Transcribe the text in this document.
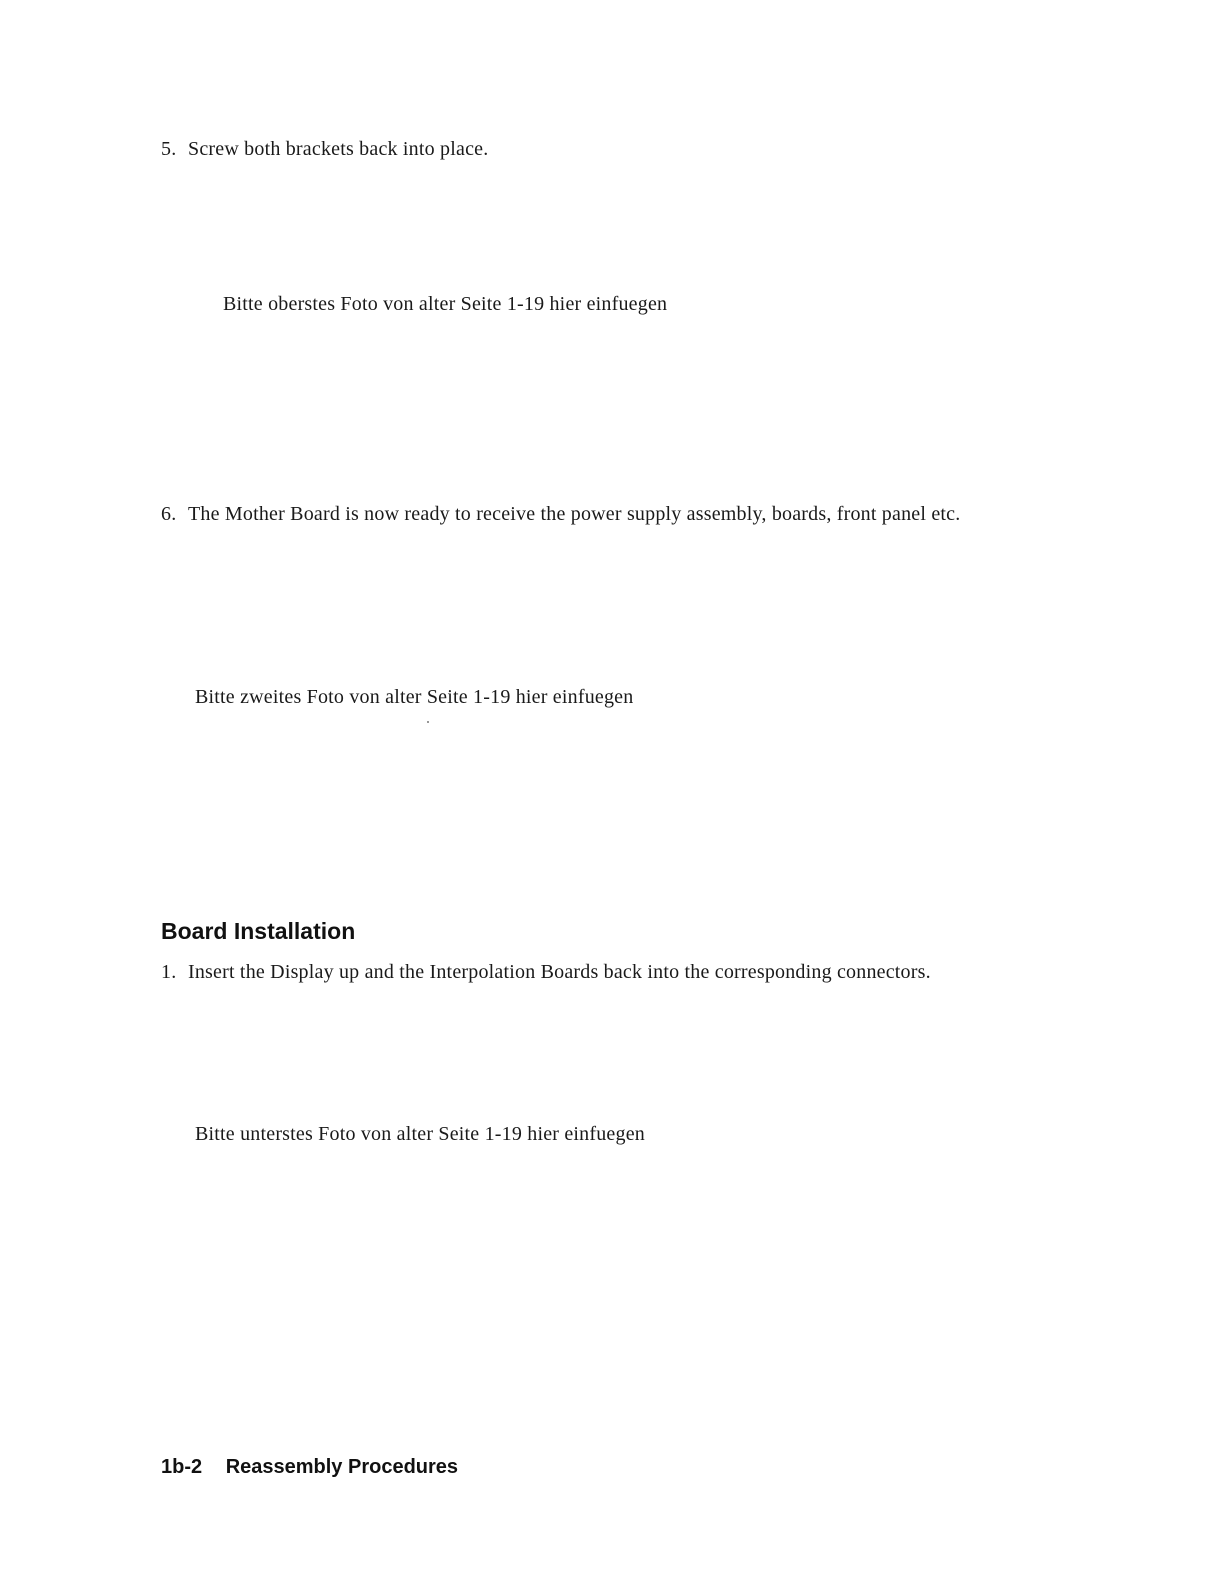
5. Screw both brackets back into place.
Bitte oberstes Foto von alter Seite 1-19 hier einfuegen
6. The Mother Board is now ready to receive the power supply assembly, boards, front panel etc.
Bitte zweites Foto von alter Seite 1-19 hier einfuegen
Board Installation
1. Insert the Display up and the Interpolation Boards back into the corresponding connectors.
Bitte unterstes Foto von alter Seite 1-19 hier einfuegen
1b-2 Reassembly Procedures
